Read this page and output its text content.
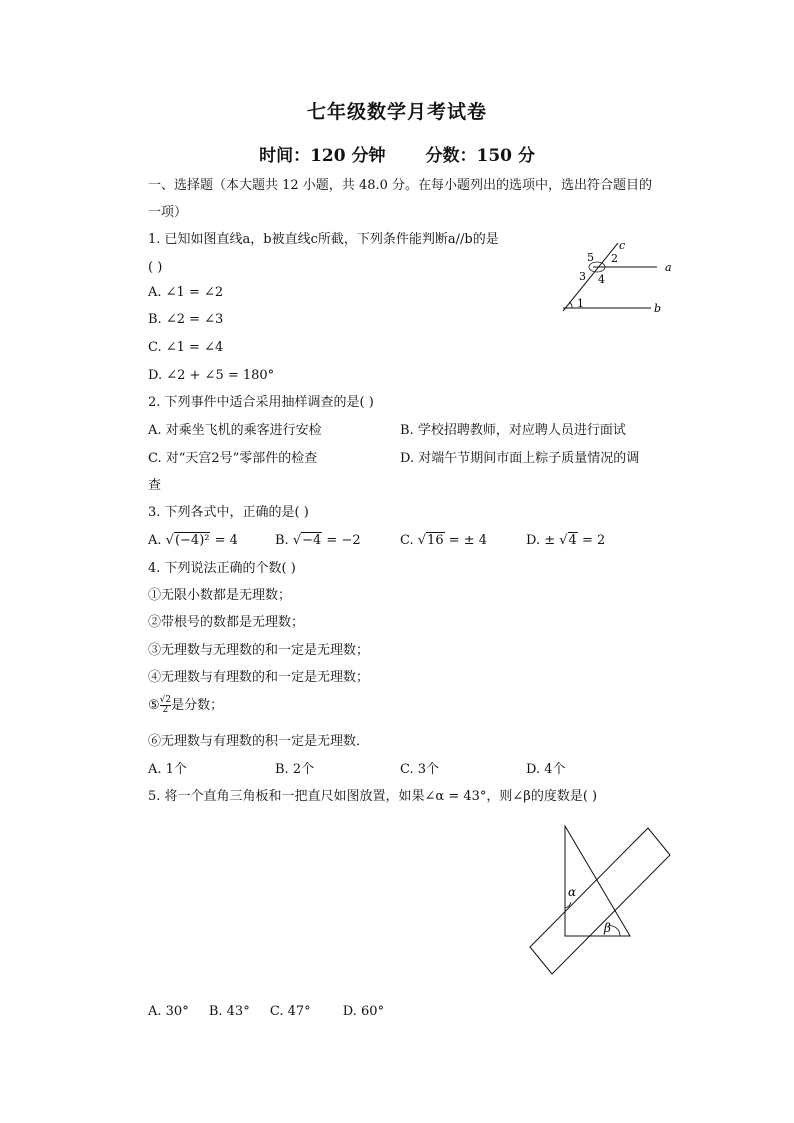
七年级数学月考试卷
时间：120 分钟 分数：150 分
一、选择题（本大题共 12 小题，共 48.0 分。在每小题列出的选项中，选出符合题目的
一项）
1. 已知如图直线a，b被直线c所截，下列条件能判断a//b的是
( )
A. ∠1 = ∠2
B. ∠2 = ∠3
C. ∠1 = ∠4
D. ∠2 + ∠5 = 180°
c
a
b
1
2
3 4
5
2. 下列事件中适合采用抽样调查的是( )
A. 对乘坐飞机的乘客进行安检	B. 学校招聘教师，对应聘人员进行面试
C. 对“天宫2号”零部件的检查	D. 对端午节期间市面上粽子质量情况的调
查
3. 下列各式中，正确的是( )
A. √(−4)² = 4	B. √−4 = −2	C. √16 = ± 4	D. ± √4 = 2
4. 下列说法正确的个数( )
①无限小数都是无理数；
②带根号的数都是无理数；
③无理数与无理数的和一定是无理数；
④无理数与有理数的和一定是无理数；
⑤ $\frac{√2}{2}$ 是分数；
⑥无理数与有理数的积一定是无理数．
A. 1个	B. 2个	C. 3个	D. 4个
5. 将一个直角三角板和一把直尺如图放置，如果∠α = 43°，则∠β的度数是( )
α
β
A. 30° B. 43° C. 47° D. 60°
